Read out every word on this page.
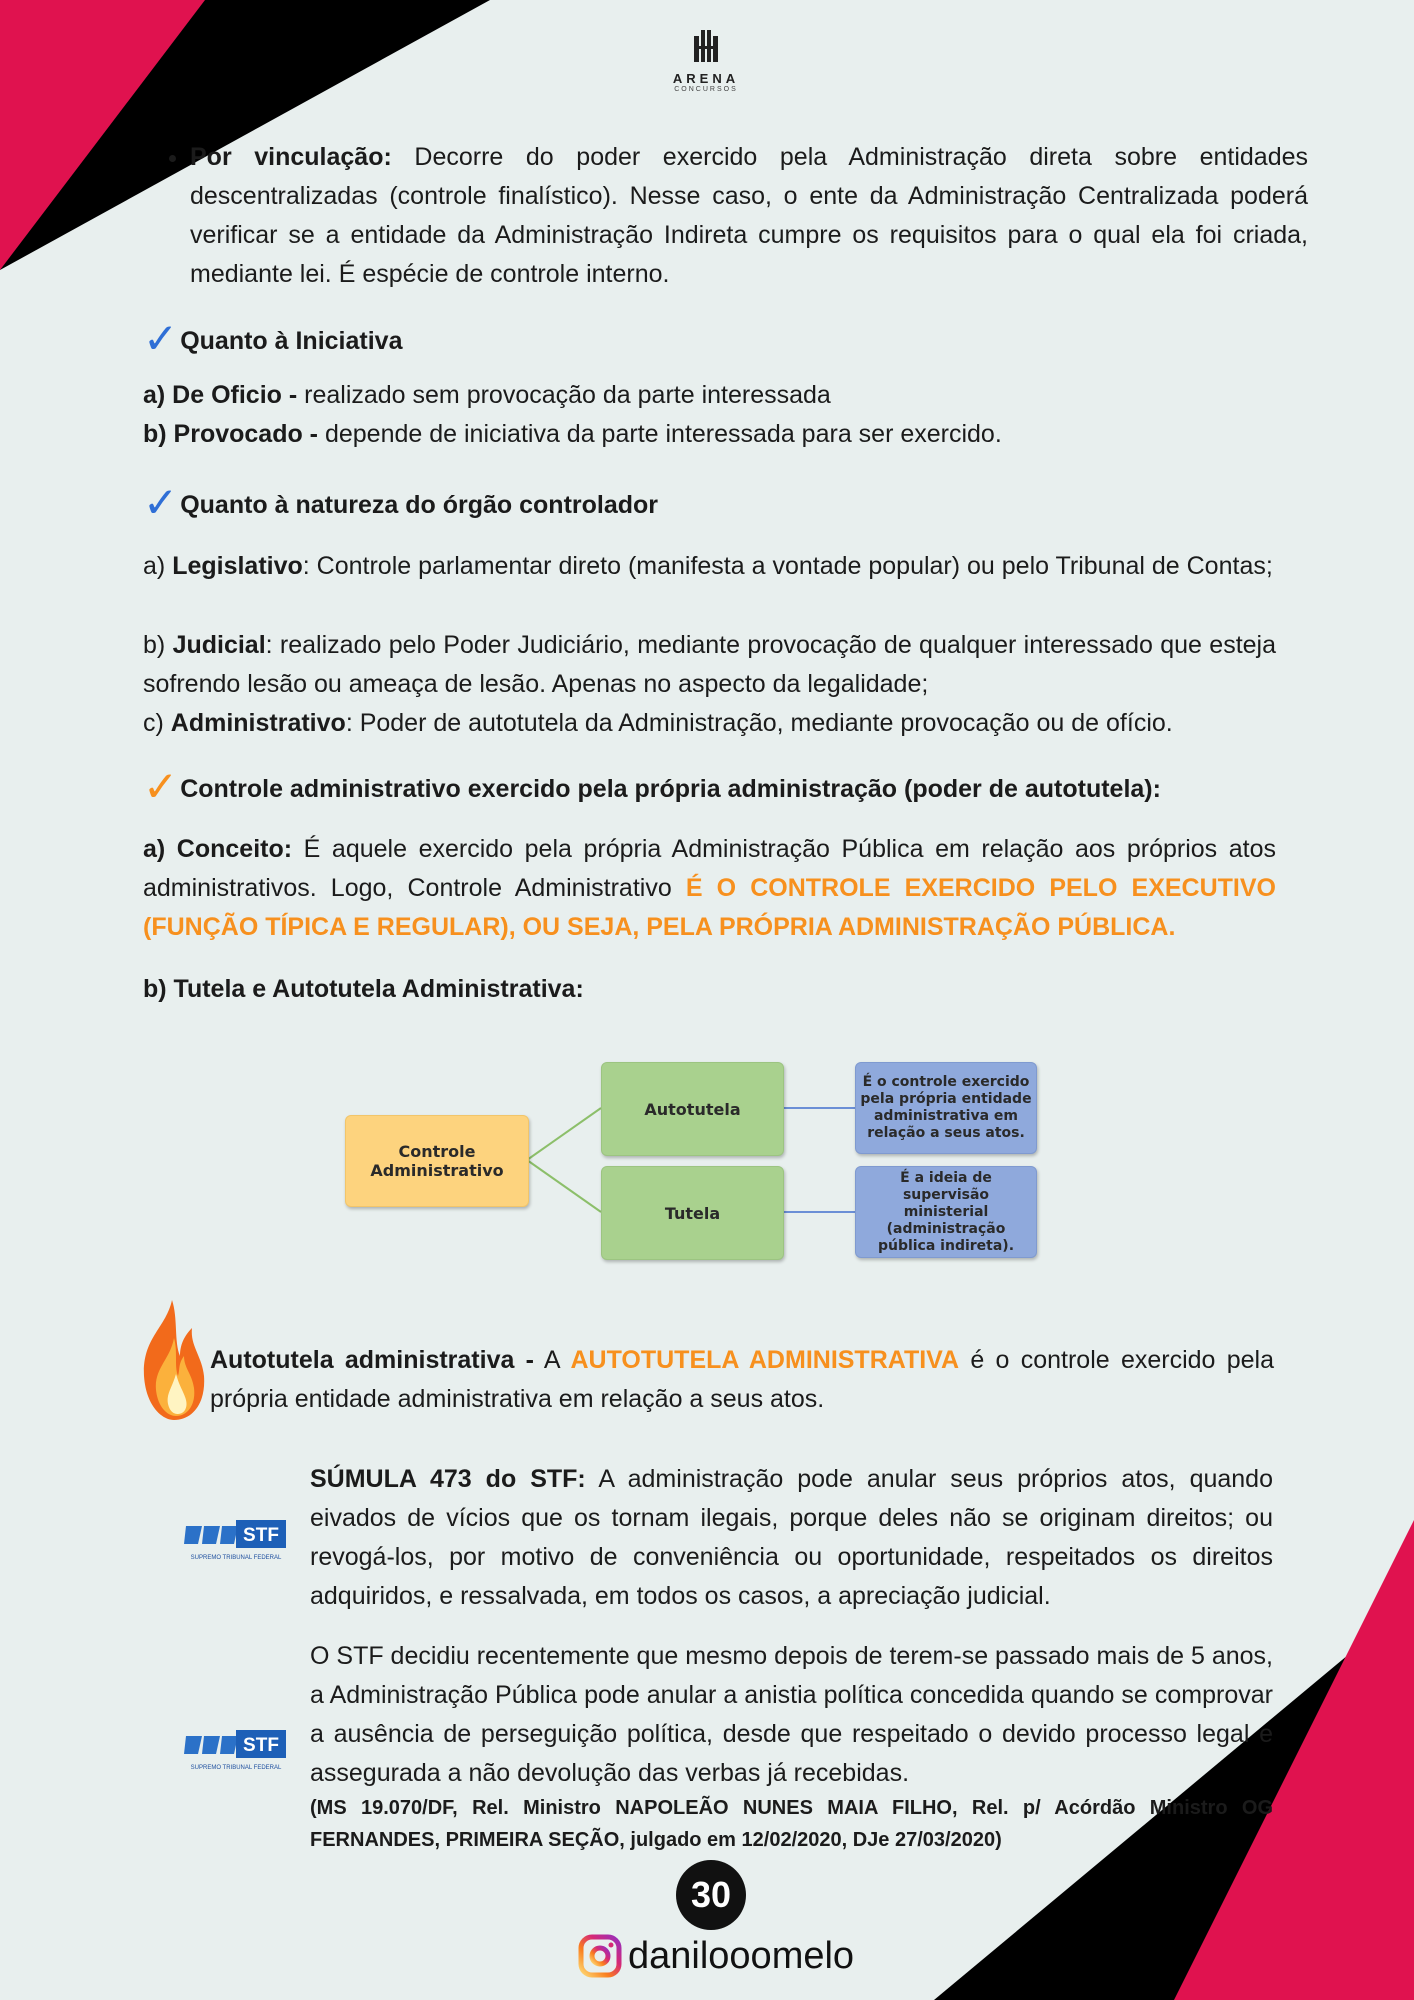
ARENA
CONCURSOS
• Por vinculação: Decorre do poder exercido pela Administração direta sobre entidades descentralizadas (controle finalístico). Nesse caso, o ente da Administração Centralizada poderá verificar se a entidade da Administração Indireta cumpre os requisitos para o qual ela foi criada, mediante lei. É espécie de controle interno.
✓Quanto à Iniciativa
a) De Oficio - realizado sem provocação da parte interessada
b) Provocado - depende de iniciativa da parte interessada para ser exercido.
✓Quanto à natureza do órgão controlador
a) Legislativo: Controle parlamentar direto (manifesta a vontade popular) ou pelo Tribunal de Contas;
b) Judicial: realizado pelo Poder Judiciário, mediante provocação de qualquer interessado que esteja sofrendo lesão ou ameaça de lesão. Apenas no aspecto da legalidade;
c) Administrativo: Poder de autotutela da Administração, mediante provocação ou de ofício.
✓Controle administrativo exercido pela própria administração (poder de autotutela):
a) Conceito: É aquele exercido pela própria Administração Pública em relação aos próprios atos administrativos. Logo, Controle Administrativo É O CONTROLE EXERCIDO PELO EXECUTIVO (FUNÇÃO TÍPICA E REGULAR), OU SEJA, PELA PRÓPRIA ADMINISTRAÇÃO PÚBLICA.
b) Tutela e Autotutela Administrativa:
Controle Administrativo
Autotutela
Tutela
É o controle exercido pela própria entidade administrativa em relação a seus atos.
É a ideia de supervisão ministerial (administração pública indireta).
Autotutela administrativa - A AUTOTUTELA ADMINISTRATIVA é o controle exercido pela própria entidade administrativa em relação a seus atos.
STF
SUPREMO TRIBUNAL FEDERAL
SÚMULA 473 do STF: A administração pode anular seus próprios atos, quando eivados de vícios que os tornam ilegais, porque deles não se originam direitos; ou revogá-los, por motivo de conveniência ou oportunidade, respeitados os direitos adquiridos, e ressalvada, em todos os casos, a apreciação judicial.
STF
SUPREMO TRIBUNAL FEDERAL
O STF decidiu recentemente que mesmo depois de terem-se passado mais de 5 anos, a Administração Pública pode anular a anistia política concedida quando se comprovar a ausência de perseguição política, desde que respeitado o devido processo legal e assegurada a não devolução das verbas já recebidas.
(MS 19.070/DF, Rel. Ministro NAPOLEÃO NUNES MAIA FILHO, Rel. p/ Acórdão Ministro OG FERNANDES, PRIMEIRA SEÇÃO, julgado em 12/02/2020, DJe 27/03/2020)
30
danilooomelo
